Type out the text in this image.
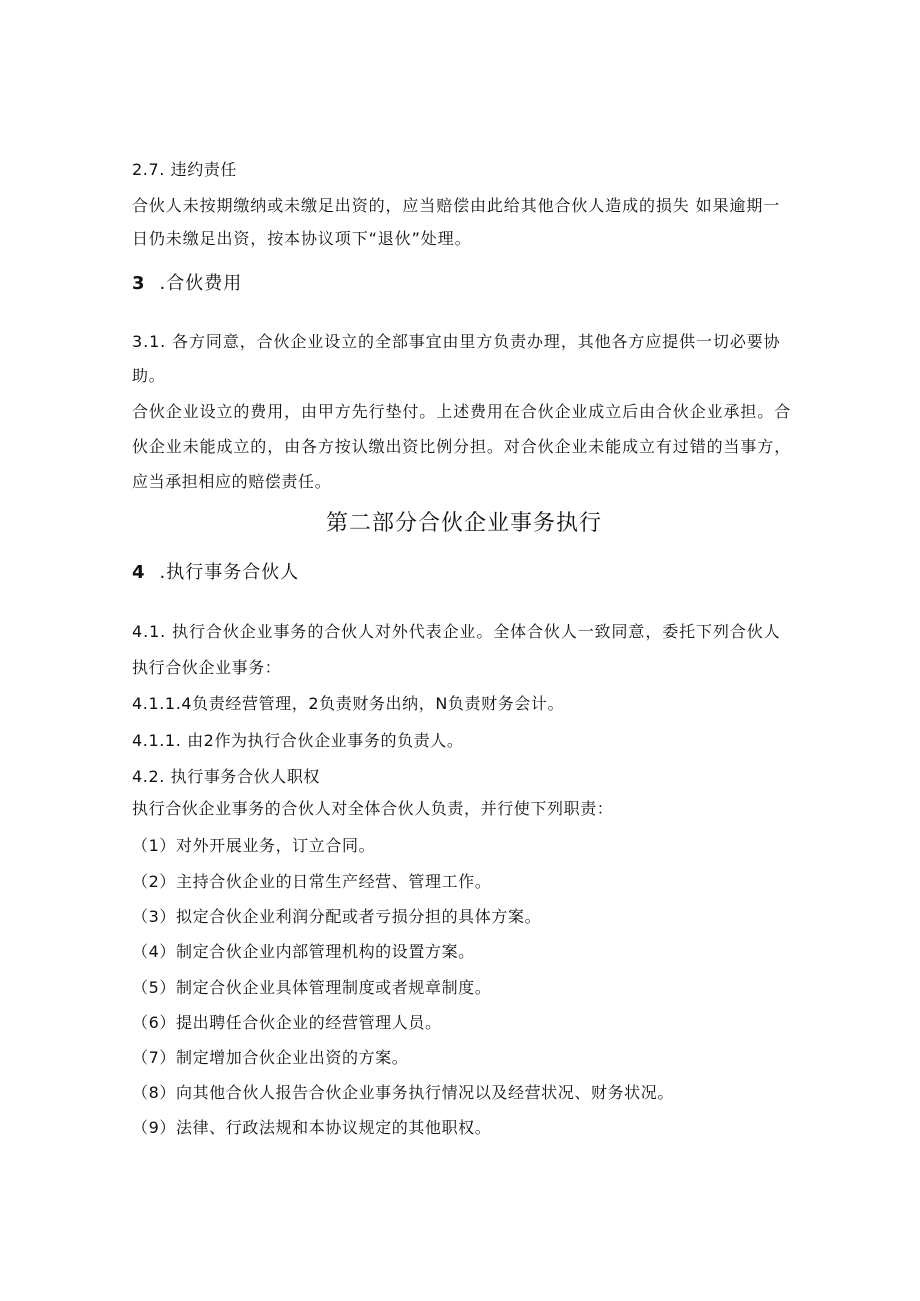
2.7. 违约责任
合伙人未按期缴纳或未缴足出资的，应当赔偿由此给其他合伙人造成的损失 如果逾期一
日仍未缴足出资，按本协议项下“退伙”处理。
3 .合伙费用
3.1. 各方同意，合伙企业设立的全部事宜由里方负责办理，其他各方应提供一切必要协
助。
合伙企业设立的费用，由甲方先行垫付。上述费用在合伙企业成立后由合伙企业承担。合
伙企业未能成立的，由各方按认缴出资比例分担。对合伙企业未能成立有过错的当事方，
应当承担相应的赔偿责任。
第二部分合伙企业事务执行
4 .执行事务合伙人
4.1. 执行合伙企业事务的合伙人对外代表企业。全体合伙人一致同意，委托下列合伙人
执行合伙企业事务：
4.1.1.4负责经营管理，2负责财务出纳，N负责财务会计。
4.1.1. 由2作为执行合伙企业事务的负责人。
4.2. 执行事务合伙人职权
执行合伙企业事务的合伙人对全体合伙人负责，并行使下列职责：
（1）对外开展业务，订立合同。
（2）主持合伙企业的日常生产经营、管理工作。
（3）拟定合伙企业利润分配或者亏损分担的具体方案。
（4）制定合伙企业内部管理机构的设置方案。
（5）制定合伙企业具体管理制度或者规章制度。
（6）提出聘任合伙企业的经营管理人员。
（7）制定增加合伙企业出资的方案。
（8）向其他合伙人报告合伙企业事务执行情况以及经营状况、财务状况。
（9）法律、行政法规和本协议规定的其他职权。
